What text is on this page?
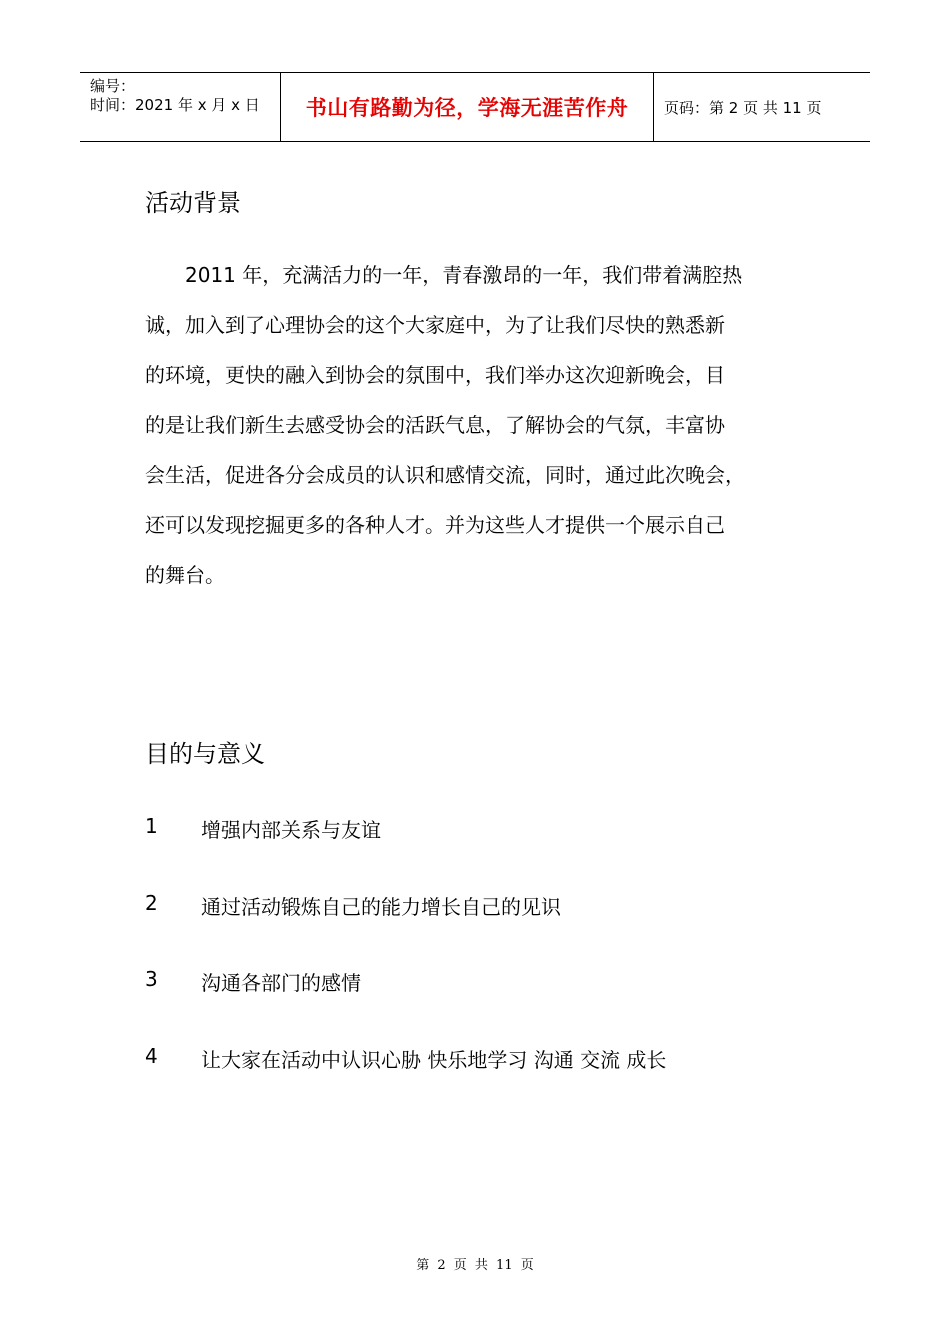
编号：
时间：2021 年 x 月 x 日	书山有路勤为径，学海无涯苦作舟 页码：第 2 页 共 11 页
活动背景
　　2011 年，充满活力的一年，青春激昂的一年，我们带着满腔热
诚，加入到了心理协会的这个大家庭中，为了让我们尽快的熟悉新
的环境，更快的融入到协会的氛围中，我们举办这次迎新晚会，目
的是让我们新生去感受协会的活跃气息，了解协会的气氛，丰富协
会生活，促进各分会成员的认识和感情交流，同时，通过此次晚会，
还可以发现挖掘更多的各种人才。并为这些人才提供一个展示自己
的舞台。
目的与意义
1	增强内部关系与友谊
2	通过活动锻炼自己的能力增长自己的见识
3	沟通各部门的感情
4	让大家在活动中认识心胁 快乐地学习 沟通 交流 成长
第 2 页 共 11 页
